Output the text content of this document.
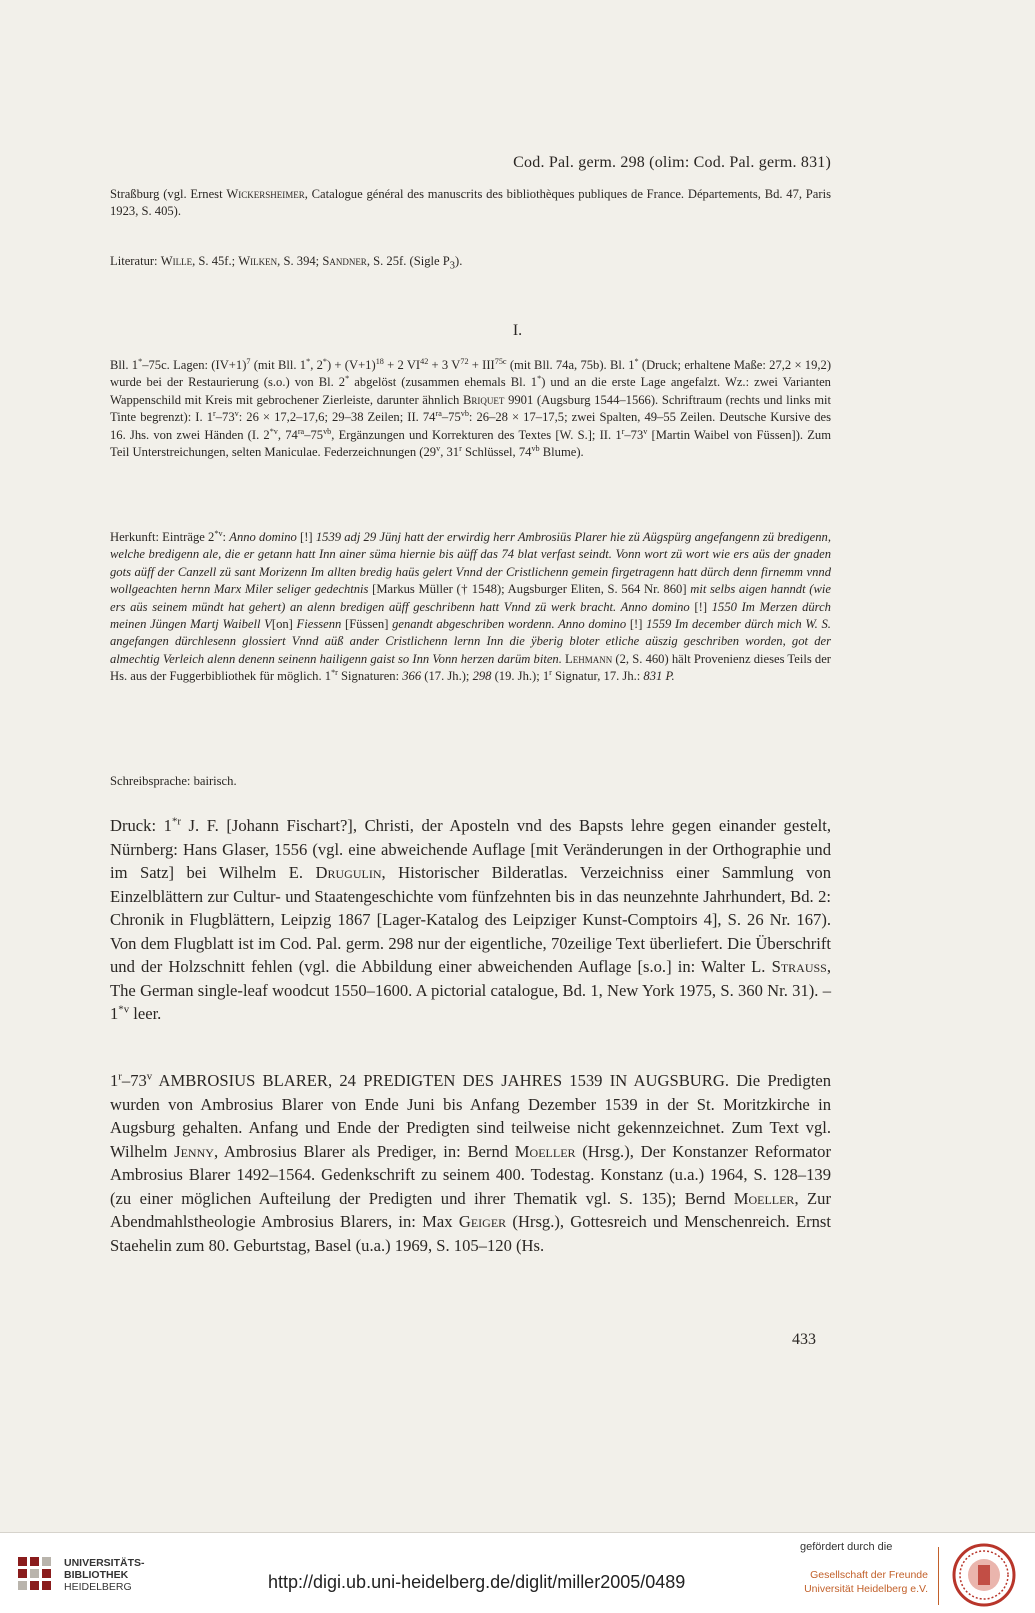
Cod. Pal. germ. 298 (olim: Cod. Pal. germ. 831)

Straßburg (vgl. Ernest Wickersheimer, Catalogue général des manuscrits des bibliothèques publiques de France. Départements, Bd. 47, Paris 1923, S. 405).

Literatur: Wille, S. 45f.; Wilken, S. 394; Sandner, S. 25f. (Sigle $P_3$).

I.

Bll. 1*–75c. Lagen: $(IV+1)^7$ (mit Bll. 1*, $2^*) + (V+1)^{18} + 2$ $VI^{42} + 3$ $V^{72} + III^{75c}$ (mit Bll. 74a, 75b). Bl. 1* (Druck; erhaltene Maße: 27,2 × 19,2) wurde bei der Restaurierung (s.o.) von Bl. 2* abgelöst (zusammen ehemals Bl. 1*) und an die erste Lage angefalzt. Wz.: zwei Varianten Wappenschild mit Kreis mit gebrochener Zierleiste, darunter ähnlich Briquet 9901 (Augsburg 1544–1566). Schriftraum (rechts und links mit Tinte begrenzt): I. 1$^r$–73$^v$: 26 × 17,2–17,6; 29–38 Zeilen; II. $74^{ra}-75^{vb}$: 26–28 × 17–17,5; zwei Spalten, 49–55 Zeilen. Deutsche Kursive des 16. Jhs. von zwei Händen (I. 2$^{*v}$, $74^{ra}-75^{vb}$, Ergänzungen und Korrekturen des Textes [W. S.]; II. 1$^r$–73$^v$ [Martin Waibel von Füssen]). Zum Teil Unterstreichungen, selten Maniculae. Federzeichnungen (29$^v$, 31$^r$ Schlüssel, $74^{vb}$ Blume).

Herkunft: Einträge 2$^{*v}$: Anno domino [!] 1539 adj 29 Jünj hatt der erwirdig herr Ambrosiüs Plarer hie zü Aügspürg angefangenn zü bredigenn, welche bredigenn ale, die er getann hatt Inn ainer süma hiernie bis aüff das 74 blat verfast seindt. Vonn wort zü wort wie ers aüs der gnaden gots aüff der Canzell zü sant Morizenn Im allten bredig haüs gelert Vnnd der Cristlichenn gemein firgetragenn hatt dürch denn firnemm vnnd wollgeachten hernn Marx Miler seliger gedechtnis [Markus Müller († 1548); Augsburger Eliten, S. 564 Nr. 860] mit selbs aigen hanndt (wie ers aüs seinem mündt hat gehert) an alenn bredigen aüff geschribenn hatt Vnnd zü werk bracht. Anno domino [!] 1550 Im Merzen dürch meinen Jüngen Martj Waibell V[on] Fiessenn [Füssen] genandt abgeschriben wordenn. Anno domino [!] 1559 Im december dürch mich W. S. angefangen dürchlesenn glossiert Vnnd aüß ander Cristlichenn lernn Inn die ÿberig bloter etliche aüszig geschriben worden, got der almechtig Verleich alenn denenn seinenn hailigenn gaist so Inn Vonn herzen darüm biten. Lehmann (2, S. 460) hält Provenienz dieses Teils der Hs. aus der Fuggerbibliothek für möglich. 1$^{*r}$ Signaturen: 366 (17. Jh.); 298 (19. Jh.); 1$^r$ Signatur, 17. Jh.: 831 P.

Schreibsprache: bairisch.

Druck: 1$^{*r}$ J. F. [Johann Fischart?], Christi, der Aposteln vnd des Bapsts lehre gegen einander gestelt, Nürnberg: Hans Glaser, 1556 (vgl. eine abweichende Auflage [mit Veränderungen in der Orthographie und im Satz] bei Wilhelm E. Drugulin, Historischer Bilderatlas. Verzeichniss einer Sammlung von Einzelblättern zur Cultur- und Staatengeschichte vom fünfzehnten bis in das neunzehnte Jahrhundert, Bd. 2: Chronik in Flugblättern, Leipzig 1867 [Lager-Katalog des Leipziger Kunst-Comptoirs 4], S. 26 Nr. 167). Von dem Flugblatt ist im Cod. Pal. germ. 298 nur der eigentliche, 70zeilige Text überliefert. Die Überschrift und der Holzschnitt fehlen (vgl. die Abbildung einer abweichenden Auflage [s.o.] in: Walter L. Strauss, The German single-leaf woodcut 1550–1600. A pictorial catalogue, Bd. 1, New York 1975, S. 360 Nr. 31). – 1$^{*v}$ leer.

1$^r$–73$^v$ AMBROSIUS BLARER, 24 PREDIGTEN DES JAHRES 1539 IN AUGSBURG. Die Predigten wurden von Ambrosius Blarer von Ende Juni bis Anfang Dezember 1539 in der St. Moritzkirche in Augsburg gehalten. Anfang und Ende der Predigten sind teilweise nicht gekennzeichnet. Zum Text vgl. Wilhelm Jenny, Ambrosius Blarer als Prediger, in: Bernd Moeller (Hrsg.), Der Konstanzer Reformator Ambrosius Blarer 1492–1564. Gedenkschrift zu seinem 400. Todestag. Konstanz (u.a.) 1964, S. 128–139 (zu einer möglichen Aufteilung der Predigten und ihrer Thematik vgl. S. 135); Bernd Moeller, Zur Abendmahlstheologie Ambrosius Blarers, in: Max Geiger (Hrsg.), Gottesreich und Menschenreich. Ernst Staehelin zum 80. Geburtstag, Basel (u.a.) 1969, S. 105–120 (Hs.

433
UNIVERSITÄTS-
BIBLIOTHEK
HEIDELBERG	http://digi.ub.uni-heidelberg.de/diglit/miller2005/0489
gefördert durch die
Gesellschaft der Freunde
Universität Heidelberg e.V.
